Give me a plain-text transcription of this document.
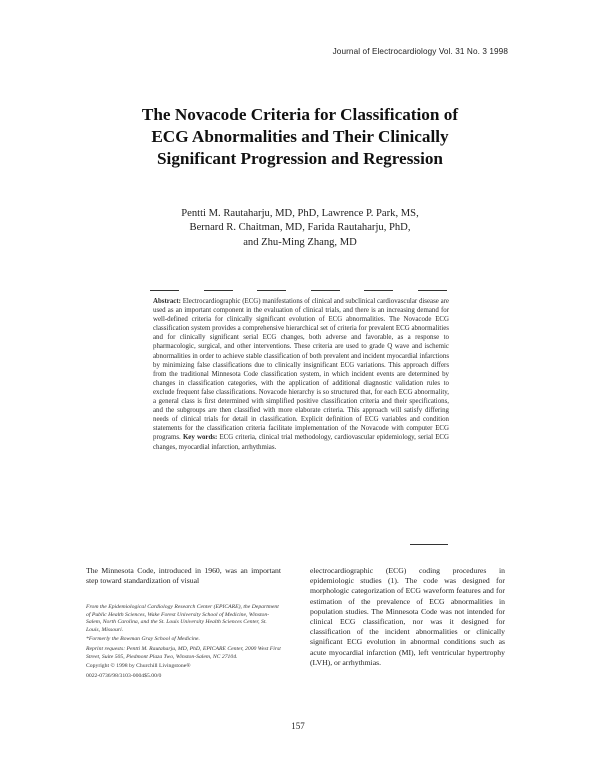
Journal of Electrocardiology Vol. 31 No. 3 1998
The Novacode Criteria for Classification of
ECG Abnormalities and Their Clinically
Significant Progression and Regression
Pentti M. Rautaharju, MD, PhD, Lawrence P. Park, MS,
Bernard R. Chaitman, MD, Farida Rautaharju, PhD,
and Zhu-Ming Zhang, MD
Abstract: Electrocardiographic (ECG) manifestations of clinical and subclinical cardiovascular disease are used as an important component in the evaluation of clinical trials, and there is an increasing demand for well-defined criteria for clinically significant evolution of ECG abnormalities. The Novacode ECG classification system provides a comprehensive hierarchical set of criteria for prevalent ECG abnormalities and for clinically significant serial ECG changes, both adverse and favorable, as a response to pharmacologic, surgical, and other interventions. These criteria are used to grade Q wave and ischemic abnormalities in order to achieve stable classification of both prevalent and incident myocardial infarctions by minimizing false classifications due to clinically insignificant ECG variations. This approach differs from the traditional Minnesota Code classification system, in which incident events are determined by changes in classification categories, with the application of additional diagnostic validation rules to exclude frequent false classifications. Novacode hierarchy is so structured that, for each ECG abnormality, a general class is first determined with simplified positive classification criteria and their specifications, and the subgroups are then classified with more elaborate criteria. This approach will satisfy differing needs of clinical trials for detail in classification. Explicit definition of ECG variables and condition statements for the classification criteria facilitate implementation of the Novacode with computer ECG programs. Key words: ECG criteria, clinical trial methodology, cardiovascular epidemiology, serial ECG changes, myocardial infarction, arrhythmias.
The Minnesota Code, introduced in 1960, was an important step toward standardization of visual

From the Epidemiological Cardiology Research Center (EPICARE), the Department of Public Health Sciences, Wake Forest University School of Medicine, Winston-Salem, North Carolina, and the St. Louis University Health Sciences Center, St. Louis, Missouri.

*Formerly the Bowman Gray School of Medicine.

Reprint requests: Pentti M. Rautaharju, MD, PhD, EPICARE Center, 2000 West First Street, Suite 505, Piedmont Plaza Two, Winston-Salem, NC 27104.

Copyright © 1998 by Churchill Livingstone®

0022-0736/98/3103-0004$5.00/0

electrocardiographic (ECG) coding procedures in epidemiologic studies (1). The code was designed for morphologic categorization of ECG waveform features and for estimation of the prevalence of ECG abnormalities in population studies. The Minnesota Code was not intended for clinical ECG classification, nor was it designed for classification of the incident abnormalities or clinically significant ECG evolution in abnormal conditions such as acute myocardial infarction (MI), left ventricular hypertrophy (LVH), or arrhythmias.
157
